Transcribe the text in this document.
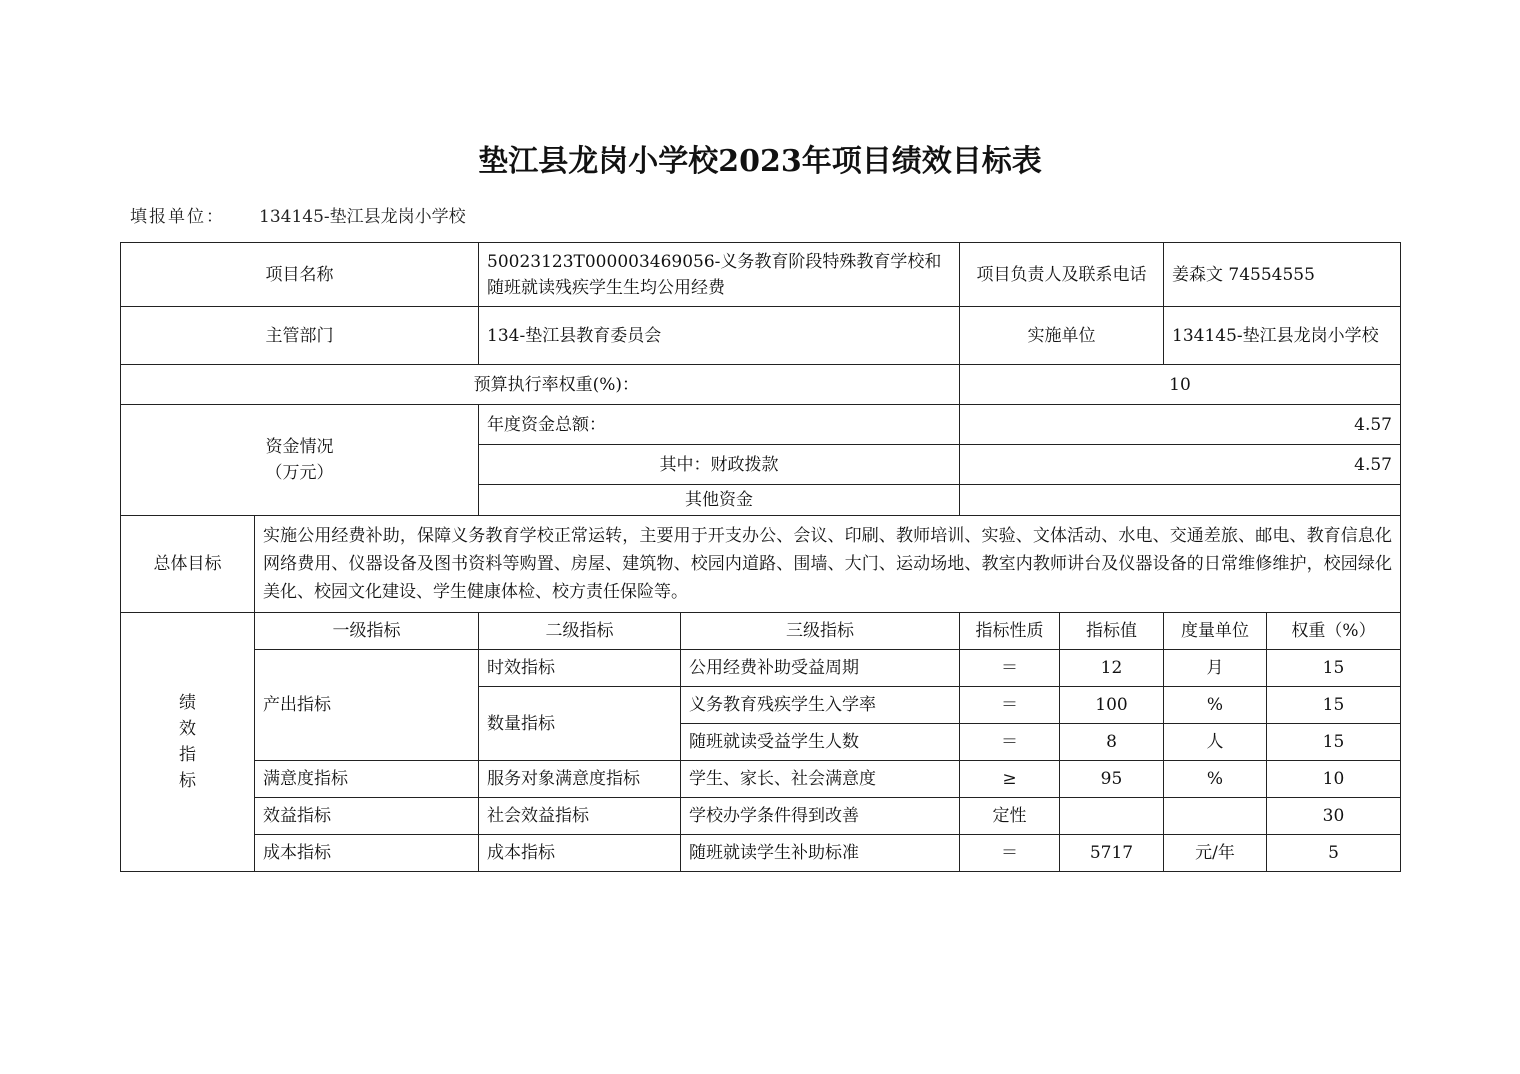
垫江县龙岗小学校2023年项目绩效目标表
填报单位： 134145-垫江县龙岗小学校
项目名称		50023123T000003469056-义务教育阶段特殊教育学校和随班就读残疾学生生均公用经费		项目负责人及联系电话		姜森文 74554555	
主管部门		134-垫江县教育委员会		实施单位		134145-垫江县龙岗小学校	
预算执行率权重(%)：				10			

资金情况
（万元）		年度资金总额：		4.57			
		其中：财政拨款		4.57			
		其他资金					
总体目标	实施公用经费补助，保障义务教育学校正常运转，主要用于开支办公、会议、印刷、教师培训、实验、文体活动、水电、交通差旅、邮电、教育信息化网络费用、仪器设备及图书资料等购置、房屋、建筑物、校园内道路、围墙、大门、运动场地、教室内教师讲台及仪器设备的日常维修维护，校园绿化美化、校园文化建设、学生健康体检、校方责任保险等。						

绩
效
指
标	一级指标	二级指标	三级指标	指标性质	指标值	度量单位	权重（%）
	产出指标	时效指标	公用经费补助受益周期	＝	12	月	15
		数量指标	义务教育残疾学生入学率	＝	100	%	15
			随班就读受益学生人数	＝	8	人	15
	满意度指标	服务对象满意度指标	学生、家长、社会满意度	≥	95	%	10
	效益指标	社会效益指标	学校办学条件得到改善	定性			30
	成本指标	成本指标	随班就读学生补助标准	＝	5717	元/年	5
